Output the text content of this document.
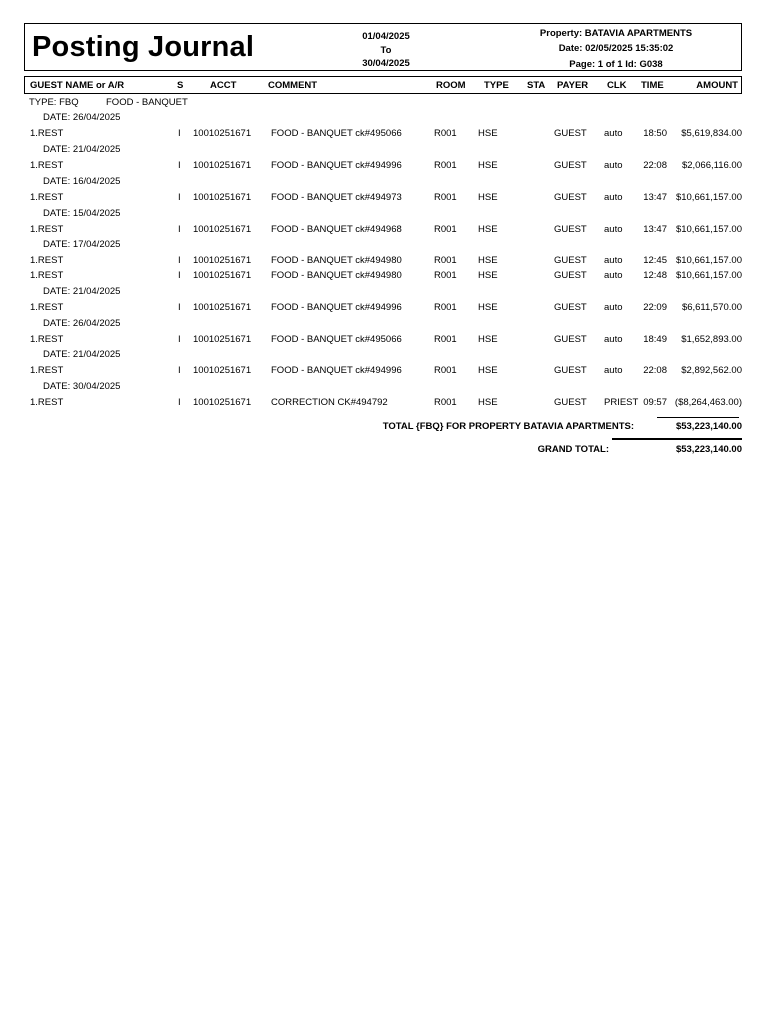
Posting Journal	01/04/2025
To
30/04/2025
Property: BATAVIA APARTMENTS
Date: 02/05/2025 15:35:02
Page: 1 of 1 Id: G038
GUEST NAME or A/R	S	ACCT	COMMENT	ROOM TYPE STA PAYER CLK TIME	AMOUNT
TYPE: FBQ	FOOD - BANQUET
DATE: 26/04/2025
1.REST	I 10010251671 FOOD - BANQUET ck#495066	R001 HSE	GUEST auto 18:50 $5,619,834.00
DATE: 21/04/2025
1.REST	I 10010251671 FOOD - BANQUET ck#494996	R001 HSE	GUEST auto 22:08 $2,066,116.00
DATE: 16/04/2025
1.REST	I 10010251671 FOOD - BANQUET ck#494973	R001 HSE	GUEST auto 13:47 $10,661,157.00
DATE: 15/04/2025
1.REST	I 10010251671 FOOD - BANQUET ck#494968	R001 HSE	GUEST auto 13:47 $10,661,157.00
DATE: 17/04/2025
1.REST	I 10010251671 FOOD - BANQUET ck#494980	R001 HSE	GUEST auto 12:45 $10,661,157.00
1.REST	I 10010251671 FOOD - BANQUET ck#494980	R001 HSE	GUEST auto 12:48 $10,661,157.00
DATE: 21/04/2025
1.REST	I 10010251671 FOOD - BANQUET ck#494996	R001 HSE	GUEST auto 22:09 $6,611,570.00
DATE: 26/04/2025
1.REST	I 10010251671 FOOD - BANQUET ck#495066	R001 HSE	GUEST auto 18:49 $1,652,893.00
DATE: 21/04/2025
1.REST	I 10010251671 FOOD - BANQUET ck#494996	R001 HSE	GUEST auto 22:08 $2,892,562.00
DATE: 30/04/2025
1.REST	I 10010251671 CORRECTION CK#494792	R001 HSE	GUEST PRIEST 09:57 ($8,264,463.00)
TOTAL {FBQ} FOR PROPERTY BATAVIA APARTMENTS:	$53,223,140.00
GRAND TOTAL:	$53,223,140.00
